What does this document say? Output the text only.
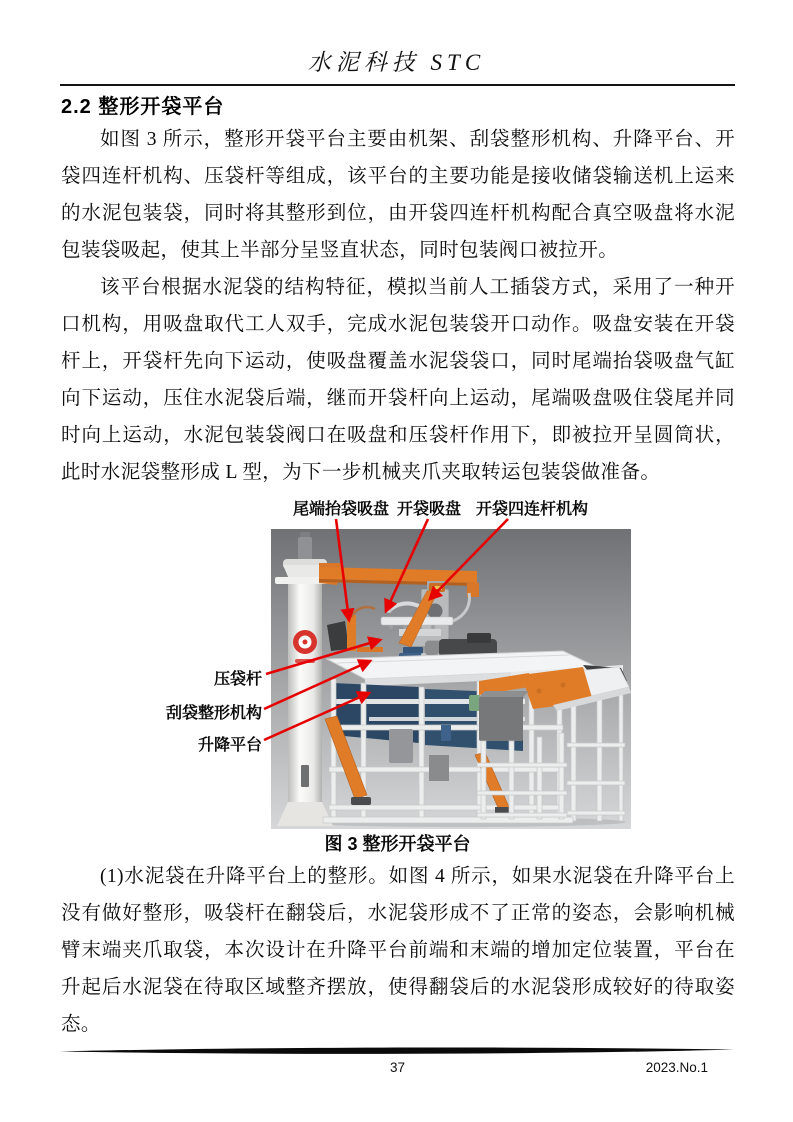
水泥科技 STC
2.2 整形开袋平台

如图 3 所示，整形开袋平台主要由机架、刮袋整形机构、升降平台、开袋四连杆机构、压袋杆等组成，该平台的主要功能是接收储袋输送机上运来的水泥包装袋，同时将其整形到位，由开袋四连杆机构配合真空吸盘将水泥包装袋吸起，使其上半部分呈竖直状态，同时包装阀口被拉开。

该平台根据水泥袋的结构特征，模拟当前人工插袋方式，采用了一种开口机构，用吸盘取代工人双手，完成水泥包装袋开口动作。吸盘安装在开袋杆上，开袋杆先向下运动，使吸盘覆盖水泥袋袋口，同时尾端抬袋吸盘气缸向下运动，压住水泥袋后端，继而开袋杆向上运动，尾端吸盘吸住袋尾并同时向上运动，水泥包装袋阀口在吸盘和压袋杆作用下，即被拉开呈圆筒状，此时水泥袋整形成 L 型，为下一步机械夹爪夹取转运包装袋做准备。

尾端抬袋吸盘 开袋吸盘 开袋四连杆机构
压袋杆
刮袋整形机构
升降平台
图 3 整形开袋平台

(1)水泥袋在升降平台上的整形。如图 4 所示，如果水泥袋在升降平台上没有做好整形，吸袋杆在翻袋后，水泥袋形成不了正常的姿态，会影响机械臂末端夹爪取袋，本次设计在升降平台前端和末端的增加定位装置，平台在升起后水泥袋在待取区域整齐摆放，使得翻袋后的水泥袋形成较好的待取姿态。

37	2023.No.1
